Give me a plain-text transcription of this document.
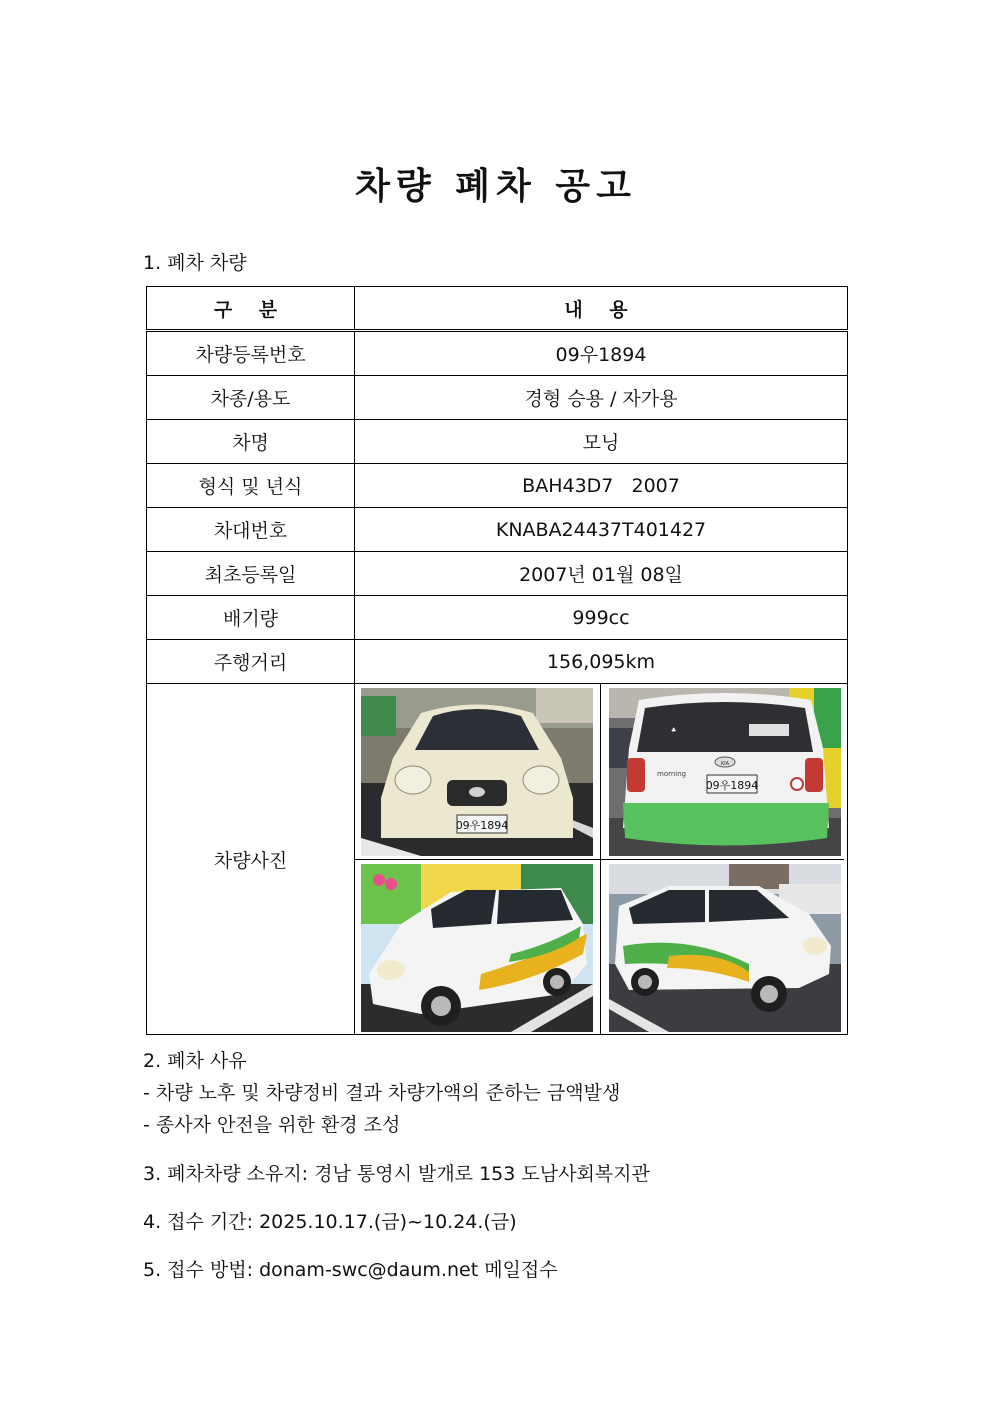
차량 폐차 공고
1. 폐차 차량
구 분	내 용
차량등록번호	09우1894
차종/용도	경형 승용 / 자가용
차명	모닝
형식 및 년식	BAH43D7   2007
차대번호	KNABA24437T401427
최초등록일	2007년 01월 08일
배기량	999cc
주행거리	156,095km
차량사진	09우1894
♣
KIA
morning
09우1894
2. 폐차 사유
- 차량 노후 및 차량정비 결과 차량가액의 준하는 금액발생
- 종사자 안전을 위한 환경 조성
3. 폐차차량 소유지: 경남 통영시 발개로 153 도남사회복지관
4. 접수 기간: 2025.10.17.(금)~10.24.(금)
5. 접수 방법: donam-swc@daum.net 메일접수
